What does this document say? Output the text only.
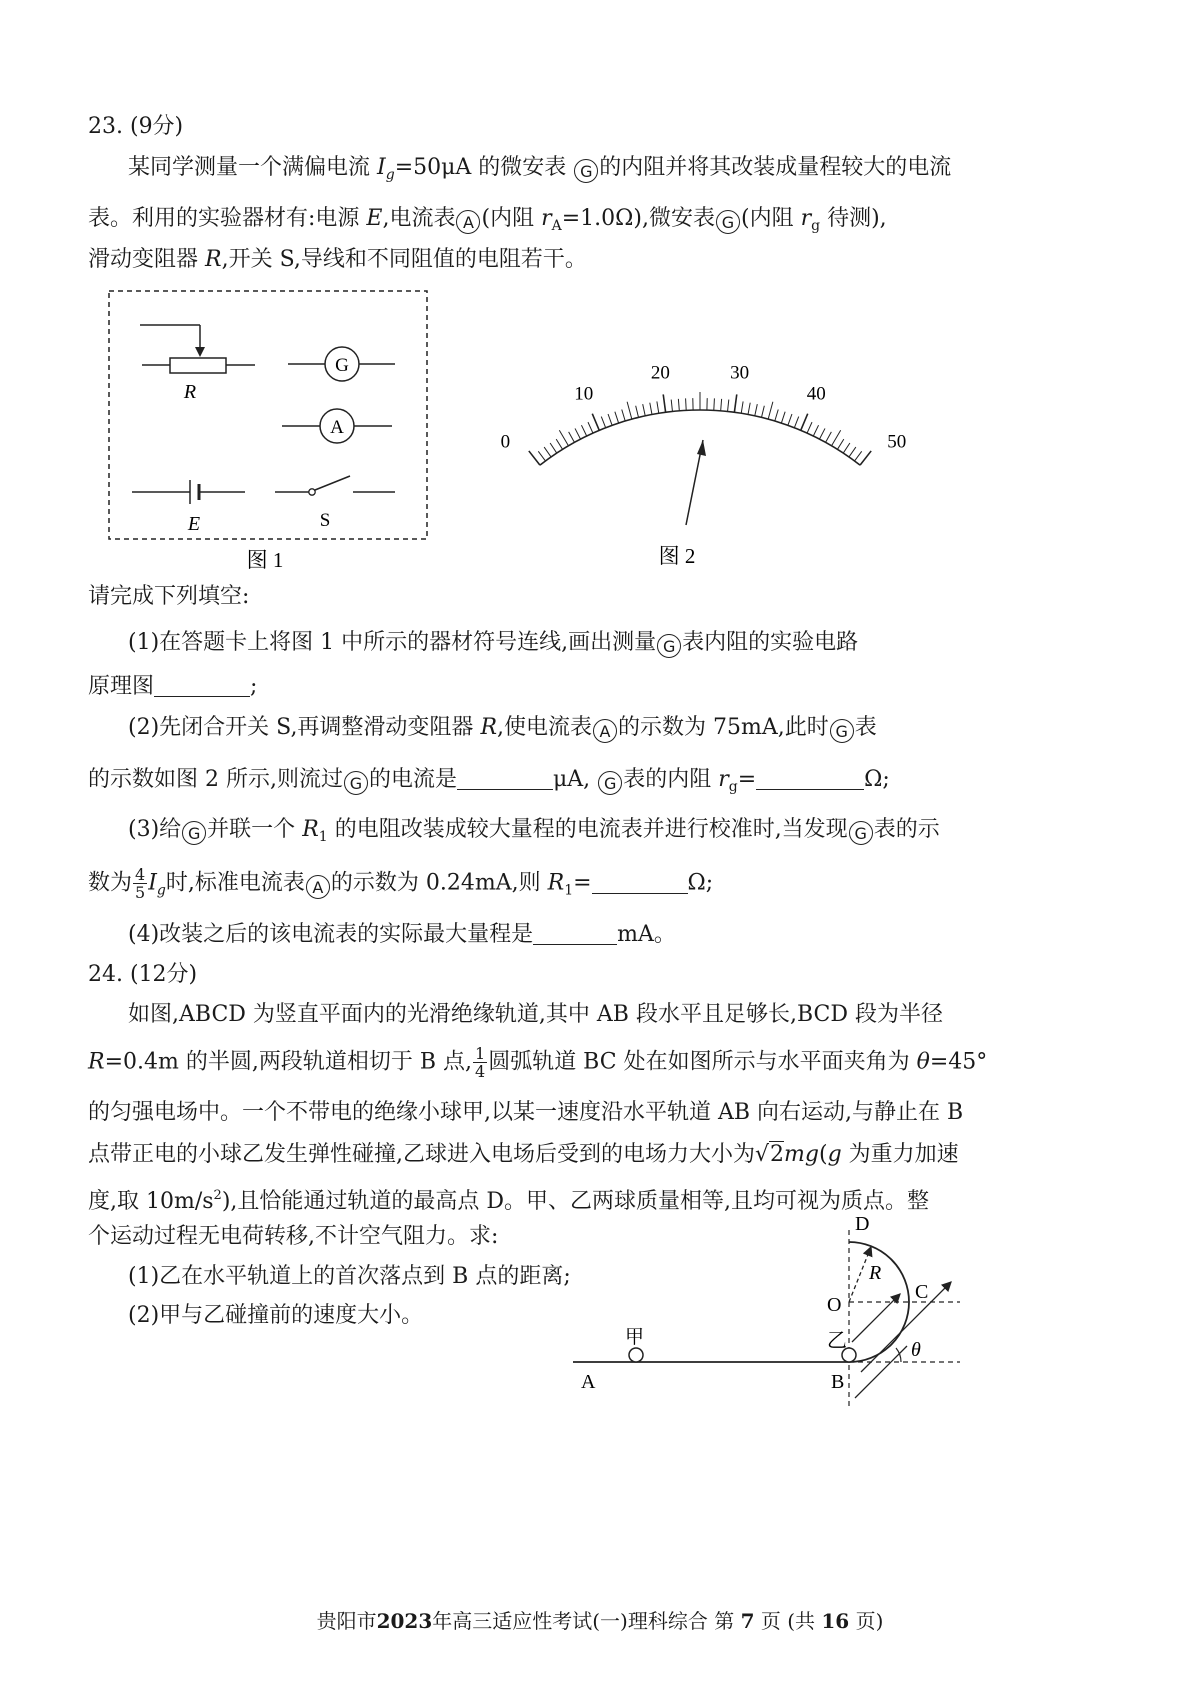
23. (9分)
某同学测量一个满偏电流 $I_g=50\mu A$ 的微安表 G 的内阻并将其改装成量程较大的电流
表。利用的实验器材有:电源 E,电流表 A (内阻 $r_A=1.0\Omega$),微安表 G (内阻 $r_g$ 待测),
滑动变阻器 R,开关 S,导线和不同阻值的电阻若干。
R
G
A
E	S
图 1
0
10
20	30
40
50
图 2
请完成下列填空:
(1)在答题卡上将图 1 中所示的器材符号连线,画出测量 G 表内阻的实验电路
原理图	;
(2)先闭合开关 S,再调整滑动变阻器 R,使电流表 A 的示数为 75mA,此时 G 表
的示数如图 2 所示,则流过 G 的电流是	μA, G 表的内阻 $r_g=$	Ω;
(3)给 G 并联一个 $R_1$ 的电阻改装成较大量程的电流表并进行校准时,当发现 G 表的示
数为 $\frac{4}{5} I_g$时,标准电流表 A 的示数为 0.24mA,则 $R_1=$	Ω;
(4)改装之后的该电流表的实际最大量程是	mA。
24. (12分)
如图,ABCD 为竖直平面内的光滑绝缘轨道,其中 AB 段水平且足够长,BCD 段为半径
R=0.4m 的半圆,两段轨道相切于 B 点, $\frac{1}{4}$ 圆弧轨道 BC 处在如图所示与水平面夹角为 θ=45°
的匀强电场中。一个不带电的绝缘小球甲,以某一速度沿水平轨道 AB 向右运动,与静止在 B
点带正电的小球乙发生弹性碰撞,乙球进入电场后受到的电场力大小为√2mg(g 为重力加速
度,取 $10m/s^2$),且恰能通过轨道的最高点 D。甲、乙两球质量相等,且均可视为质点。整
个运动过程无电荷转移,不计空气阻力。求:
(1)乙在水平轨道上的首次落点到 B 点的距离;
(2)甲与乙碰撞前的速度大小。
D
R
O
C
乙
甲
A	B
θ
贵阳市2023年高三适应性考试(一)理科综合 第 7 页 (共 16 页)
